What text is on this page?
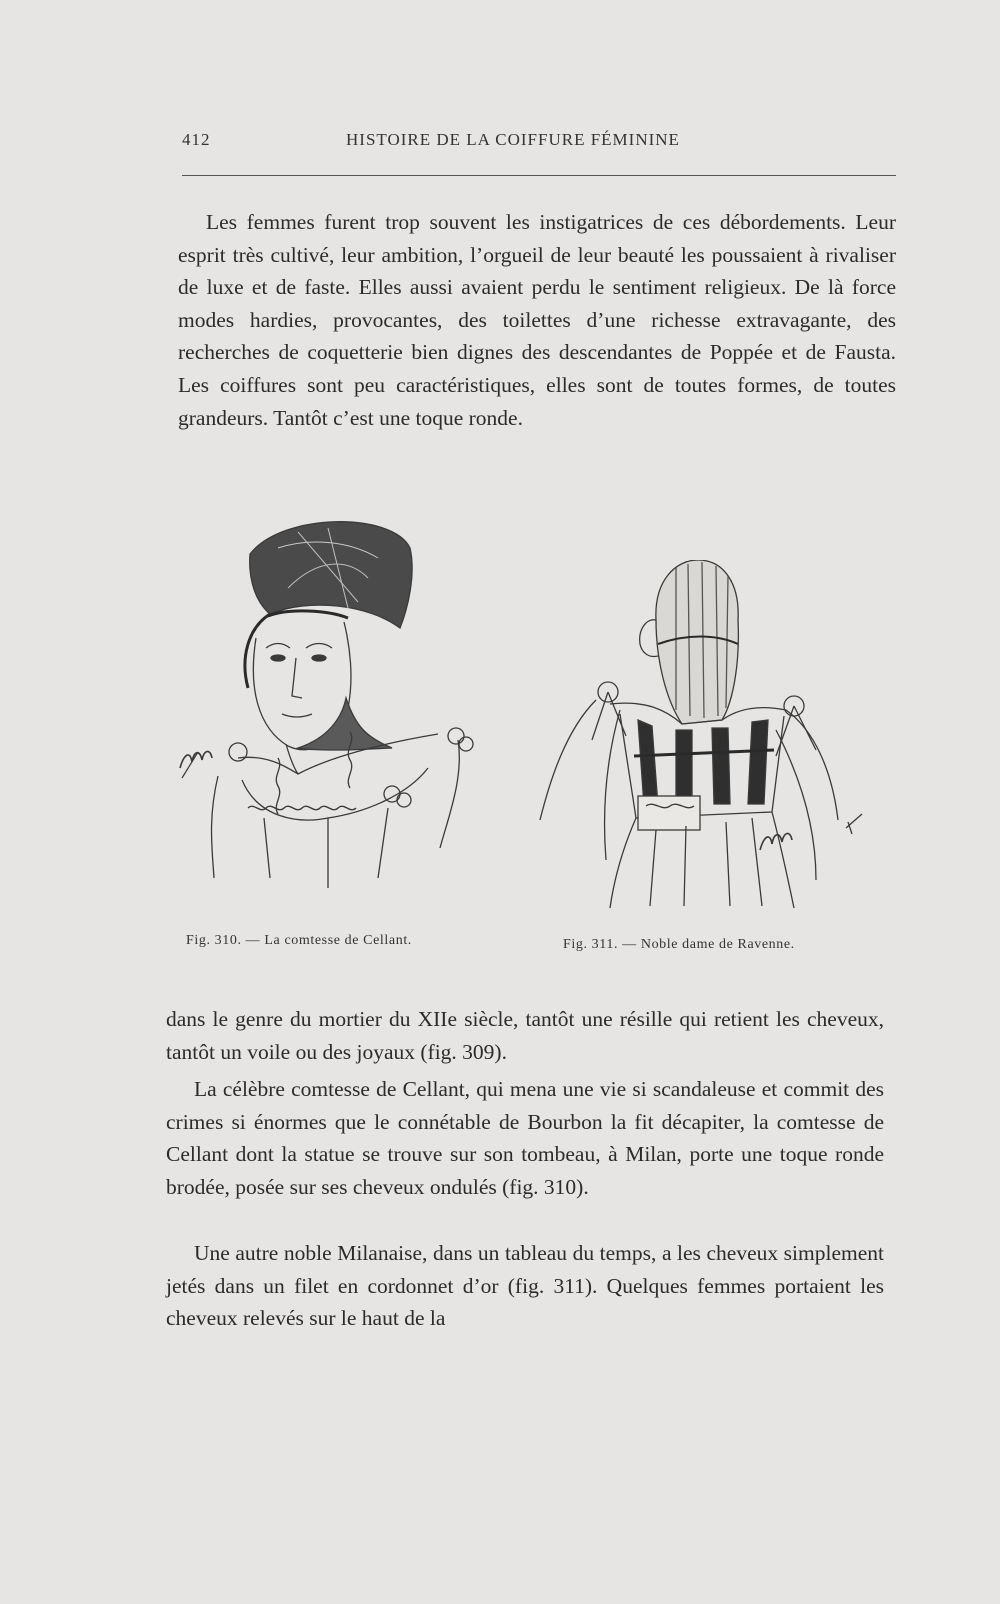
412	HISTOIRE DE LA COIFFURE FÉMININE

Les femmes furent trop souvent les instigatrices de ces débordements. Leur esprit très cultivé, leur ambition, l’orgueil de leur beauté les poussaient à rivaliser de luxe et de faste. Elles aussi avaient perdu le sentiment religieux. De là force modes hardies, provocantes, des toilettes d’une richesse extravagante, des recherches de coquetterie bien dignes des descendantes de Poppée et de Fausta. Les coiffures sont peu caractéristiques, elles sont de toutes formes, de toutes grandeurs. Tantôt c’est une toque ronde.

Fig. 310. — La comtesse de Cellant.	Fig. 311. — Noble dame de Ravenne.

dans le genre du mortier du XIIe siècle, tantôt une résille qui retient les cheveux, tantôt un voile ou des joyaux (fig. 309).

La célèbre comtesse de Cellant, qui mena une vie si scandaleuse et commit des crimes si énormes que le connétable de Bourbon la fit décapiter, la comtesse de Cellant dont la statue se trouve sur son tombeau, à Milan, porte une toque ronde brodée, posée sur ses cheveux ondulés (fig. 310).

Une autre noble Milanaise, dans un tableau du temps, a les cheveux simplement jetés dans un filet en cordonnet d’or (fig. 311). Quelques femmes portaient les cheveux relevés sur le haut de la
